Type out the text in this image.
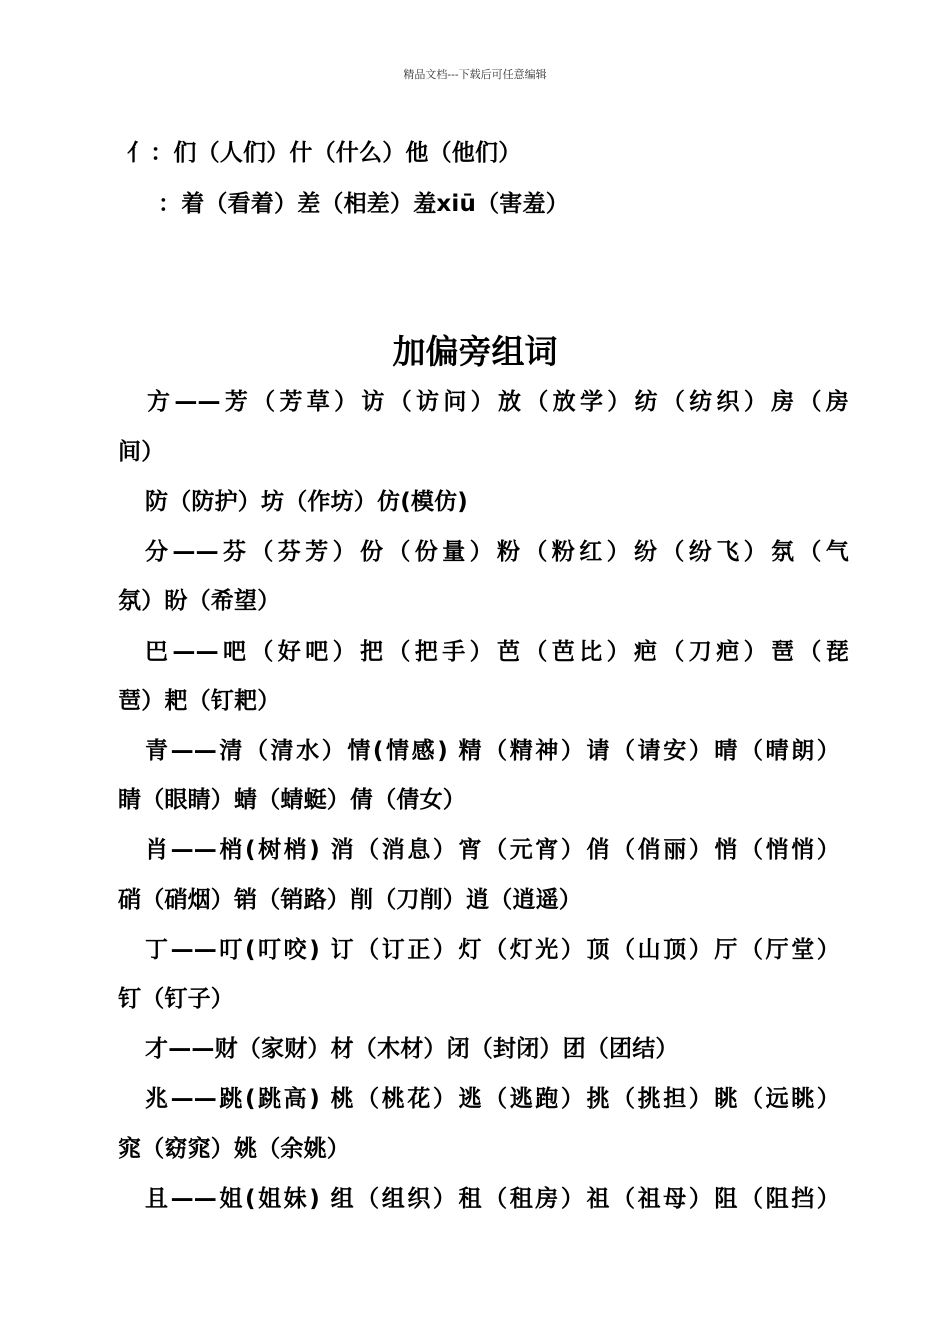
精品文档---下载后可任意编辑
亻：们（人们）什（什么）他（他们）
：着（看着）差（相差）羞xiū（害羞）
加偏旁组词
方——芳（芳草）访（访问）放（放学）纺（纺织）房（房
间）
防（防护）坊（作坊）仿(模仿)
分——芬（芬芳）份（份量）粉（粉红）纷（纷飞）氛（气
氛）盼（希望）
巴——吧（好吧）把（把手）芭（芭比）疤（刀疤）琶（琵
琶）耙（钉耙）
青——清（清水）情(情感) 精（精神）请（请安）晴（晴朗）
睛（眼睛）蜻（蜻蜓）倩（倩女）
肖——梢(树梢) 消（消息）宵（元宵）俏（俏丽）悄（悄悄）
硝（硝烟）销（销路）削（刀削）逍（逍遥）
丁——叮(叮咬) 订（订正）灯（灯光）顶（山顶）厅（厅堂）
钉（钉子）
才——财（家财）材（木材）闭（封闭）团（团结）
兆——跳(跳高) 桃（桃花）逃（逃跑）挑（挑担）眺（远眺）
窕（窈窕）姚（余姚）
且——姐(姐妹) 组（组织）租（租房）祖（祖母）阻（阻挡）
